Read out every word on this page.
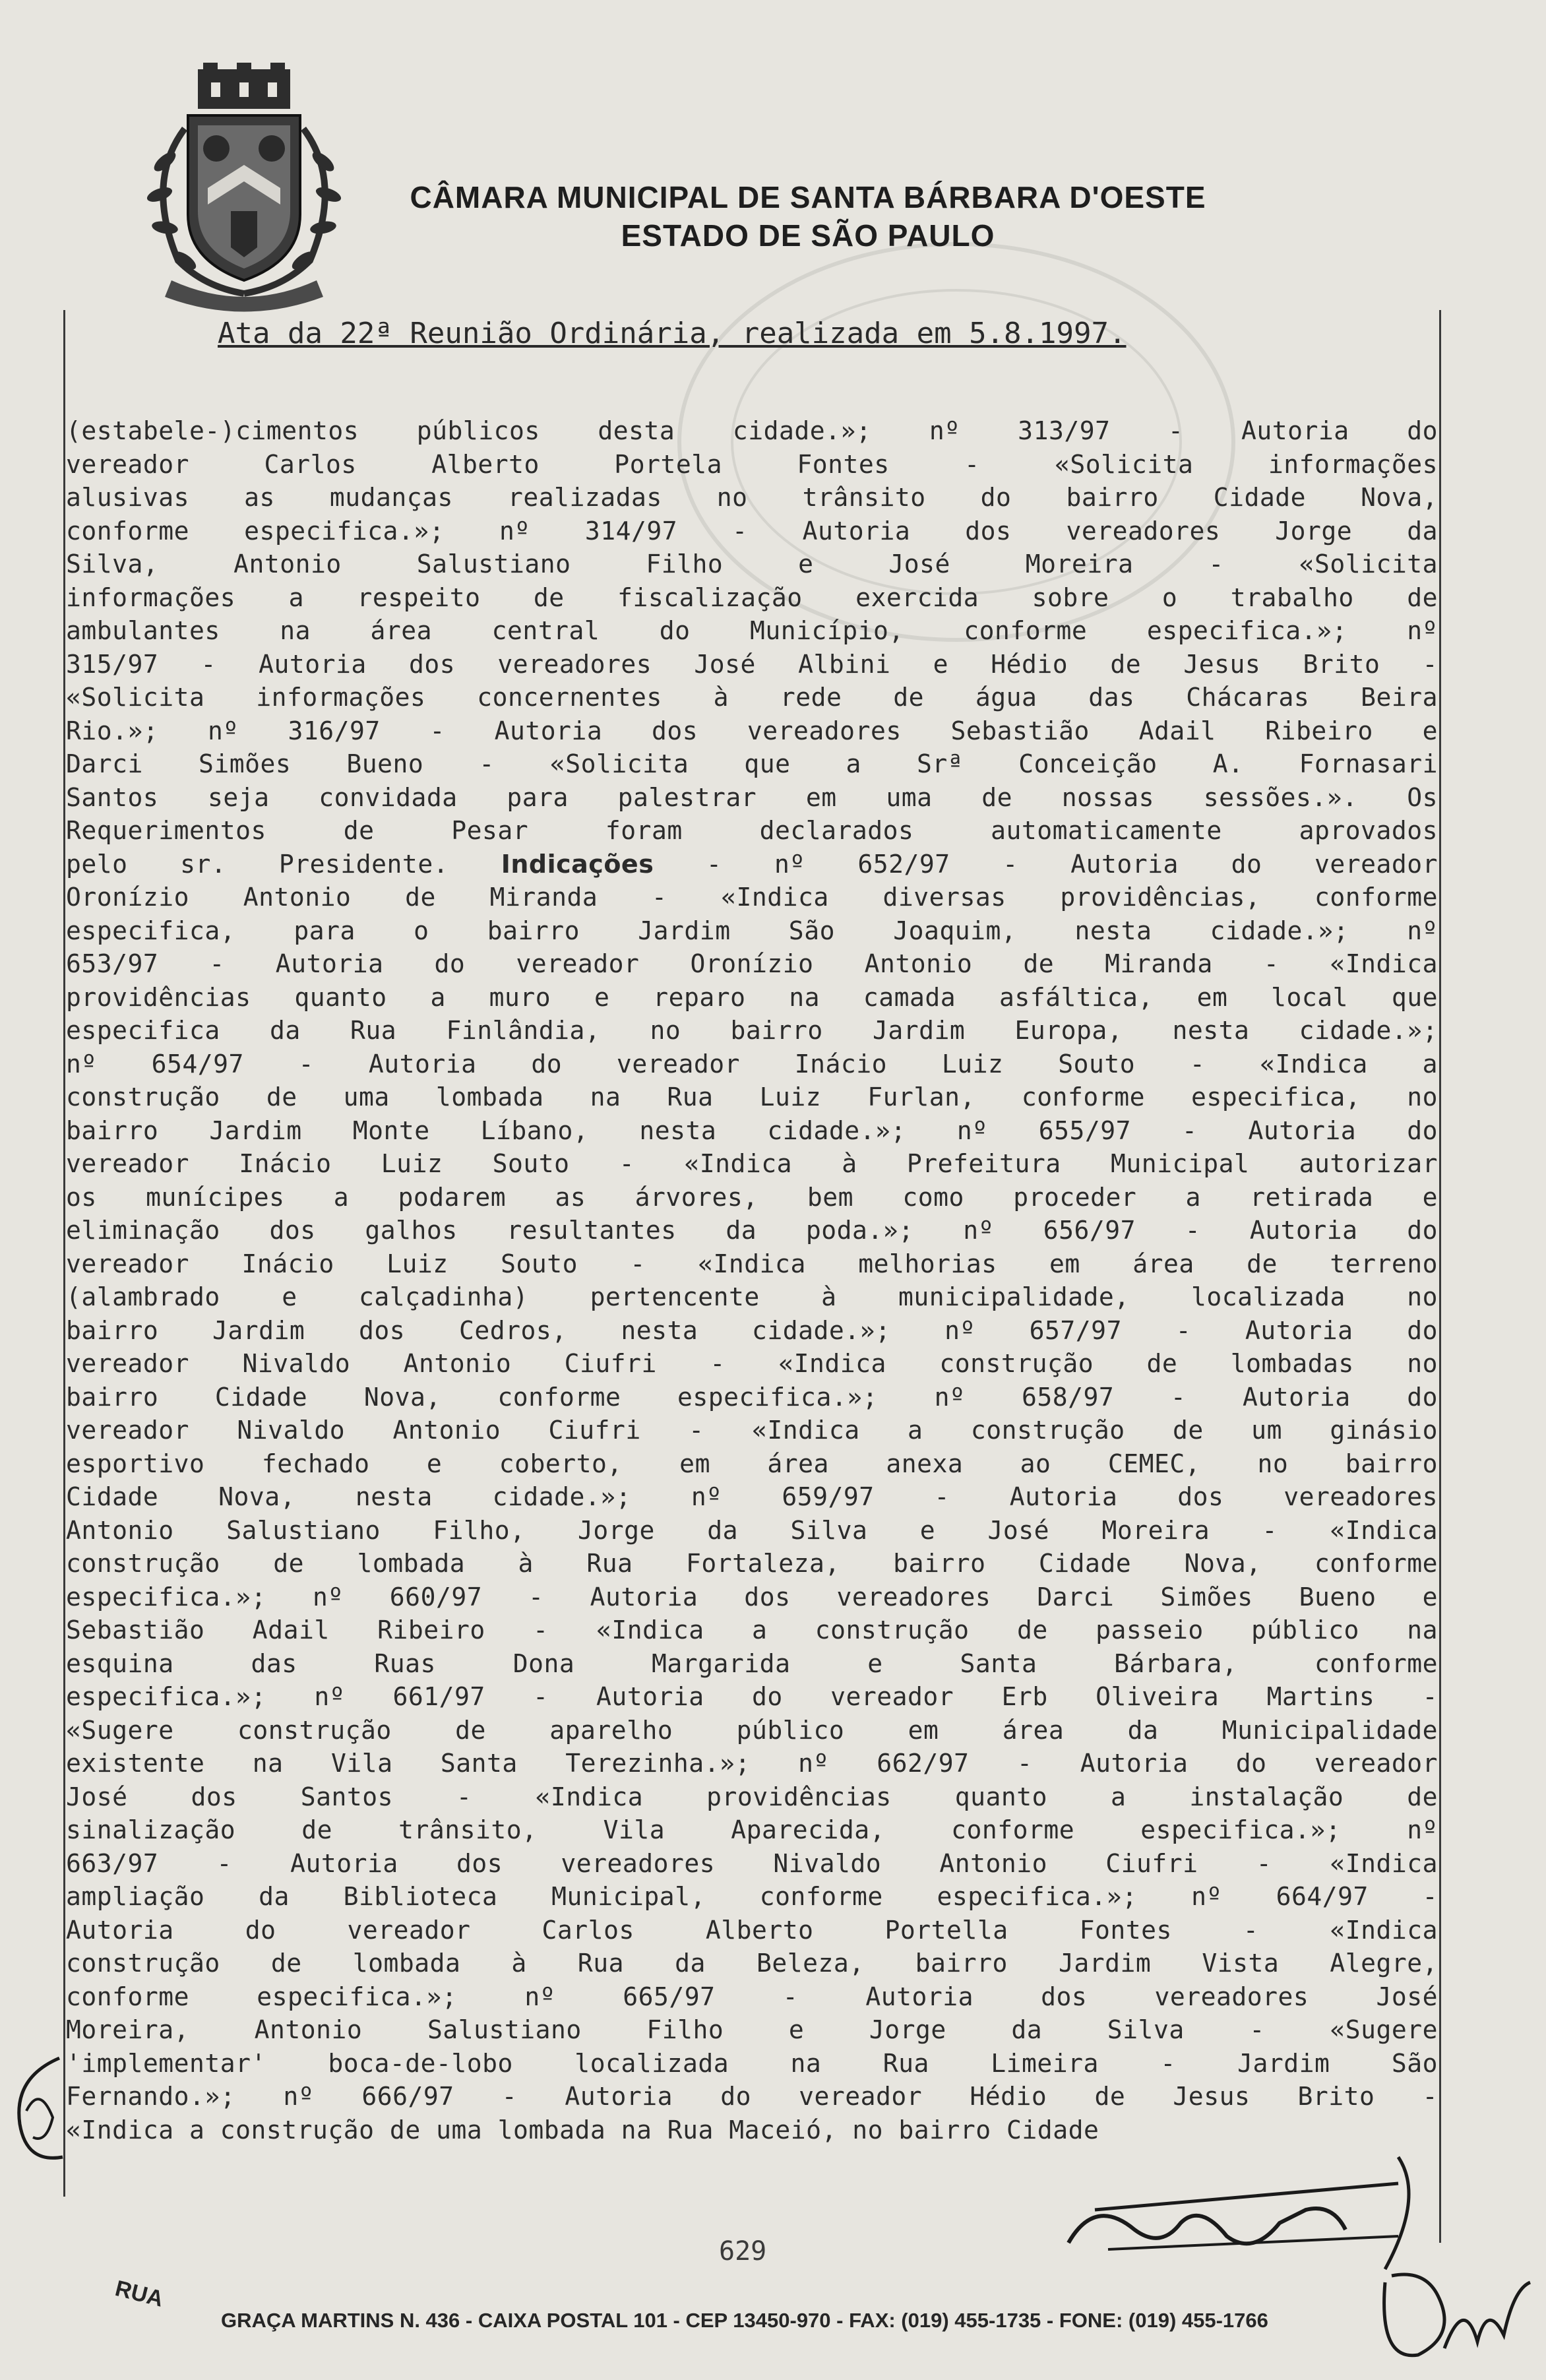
CÂMARA MUNICIPAL DE SANTA BÁRBARA D'OESTE
ESTADO DE SÃO PAULO
Ata da 22ª Reunião Ordinária, realizada em 5.8.1997.
(estabele-)cimentos públicos desta cidade.»; nº 313/97 - Autoria do
vereador Carlos Alberto Portela Fontes - «Solicita informações
alusivas as mudanças realizadas no trânsito do bairro Cidade Nova,
conforme especifica.»; nº 314/97 - Autoria dos vereadores Jorge da
Silva, Antonio Salustiano Filho e José Moreira - «Solicita
informações a respeito de fiscalização exercida sobre o trabalho de
ambulantes na área central do Município, conforme especifica.»; nº
315/97 - Autoria dos vereadores José Albini e Hédio de Jesus Brito -
«Solicita informações concernentes à rede de água das Chácaras Beira
Rio.»; nº 316/97 - Autoria dos vereadores Sebastião Adail Ribeiro e
Darci Simões Bueno - «Solicita que a Srª Conceição A. Fornasari
Santos seja convidada para palestrar em uma de nossas sessões.». Os
Requerimentos de Pesar foram declarados automaticamente aprovados
pelo sr. Presidente. Indicações - nº 652/97 - Autoria do vereador
Oronízio Antonio de Miranda - «Indica diversas providências, conforme
especifica, para o bairro Jardim São Joaquim, nesta cidade.»; nº
653/97 - Autoria do vereador Oronízio Antonio de Miranda - «Indica
providências quanto a muro e reparo na camada asfáltica, em local que
especifica da Rua Finlândia, no bairro Jardim Europa, nesta cidade.»;
nº 654/97 - Autoria do vereador Inácio Luiz Souto - «Indica a
construção de uma lombada na Rua Luiz Furlan, conforme especifica, no
bairro Jardim Monte Líbano, nesta cidade.»; nº 655/97 - Autoria do
vereador Inácio Luiz Souto - «Indica à Prefeitura Municipal autorizar
os munícipes a podarem as árvores, bem como proceder a retirada e
eliminação dos galhos resultantes da poda.»; nº 656/97 - Autoria do
vereador Inácio Luiz Souto - «Indica melhorias em área de terreno
(alambrado e calçadinha) pertencente à municipalidade, localizada no
bairro Jardim dos Cedros, nesta cidade.»; nº 657/97 - Autoria do
vereador Nivaldo Antonio Ciufri - «Indica construção de lombadas no
bairro Cidade Nova, conforme especifica.»; nº 658/97 - Autoria do
vereador Nivaldo Antonio Ciufri - «Indica a construção de um ginásio
esportivo fechado e coberto, em área anexa ao CEMEC, no bairro
Cidade Nova, nesta cidade.»; nº 659/97 - Autoria dos vereadores
Antonio Salustiano Filho, Jorge da Silva e José Moreira - «Indica
construção de lombada à Rua Fortaleza, bairro Cidade Nova, conforme
especifica.»; nº 660/97 - Autoria dos vereadores Darci Simões Bueno e
Sebastião Adail Ribeiro - «Indica a construção de passeio público na
esquina das Ruas Dona Margarida e Santa Bárbara, conforme
especifica.»; nº 661/97 - Autoria do vereador Erb Oliveira Martins -
«Sugere construção de aparelho público em área da Municipalidade
existente na Vila Santa Terezinha.»; nº 662/97 - Autoria do vereador
José dos Santos - «Indica providências quanto a instalação de
sinalização de trânsito, Vila Aparecida, conforme especifica.»; nº
663/97 - Autoria dos vereadores Nivaldo Antonio Ciufri - «Indica
ampliação da Biblioteca Municipal, conforme especifica.»; nº 664/97 -
Autoria do vereador Carlos Alberto Portella Fontes - «Indica
construção de lombada à Rua da Beleza, bairro Jardim Vista Alegre,
conforme especifica.»; nº 665/97 - Autoria dos vereadores José
Moreira, Antonio Salustiano Filho e Jorge da Silva - «Sugere
'implementar' boca-de-lobo localizada na Rua Limeira - Jardim São
Fernando.»; nº 666/97 - Autoria do vereador Hédio de Jesus Brito -
«Indica a construção de uma lombada na Rua Maceió, no bairro Cidade
629
RUA
GRAÇA MARTINS N. 436 - CAIXA POSTAL 101 - CEP 13450-970 - FAX: (019) 455-1735 - FONE: (019) 455-1766
